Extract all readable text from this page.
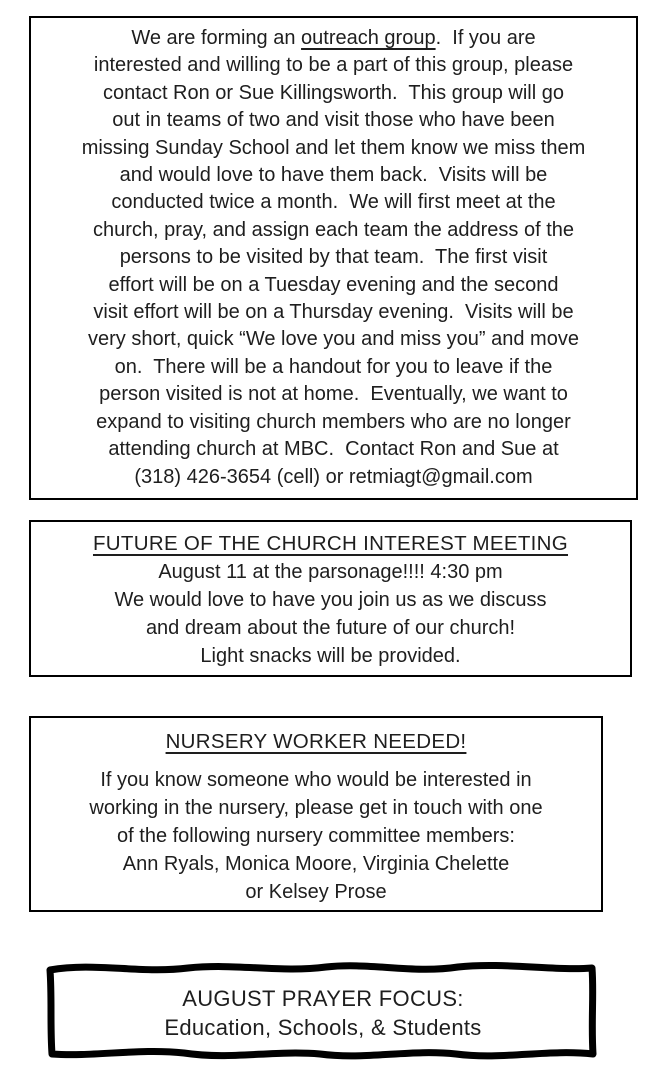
We are forming an outreach group.  If you are

interested and willing to be a part of this group, please

contact Ron or Sue Killingsworth.  This group will go

out in teams of two and visit those who have been

missing Sunday School and let them know we miss them

and would love to have them back.  Visits will be

conducted twice a month.  We will first meet at the

church, pray, and assign each team the address of the

persons to be visited by that team.  The first visit

effort will be on a Tuesday evening and the second

visit effort will be on a Thursday evening.  Visits will be

very short, quick “We love you and miss you” and move

on.  There will be a handout for you to leave if the

person visited is not at home.  Eventually, we want to

expand to visiting church members who are no longer

attending church at MBC.  Contact Ron and Sue at

(318) 426-3654 (cell) or retmiagt@gmail.com

FUTURE OF THE CHURCH INTEREST MEETING

August 11 at the parsonage!!!! 4:30 pm

We would love to have you join us as we discuss

and dream about the future of our church!

Light snacks will be provided.

NURSERY WORKER NEEDED!

If you know someone who would be interested in

working in the nursery, please get in touch with one

of the following nursery committee members:

Ann Ryals, Monica Moore, Virginia Chelette

or Kelsey Prose

AUGUST PRAYER FOCUS:

Education, Schools, & Students
